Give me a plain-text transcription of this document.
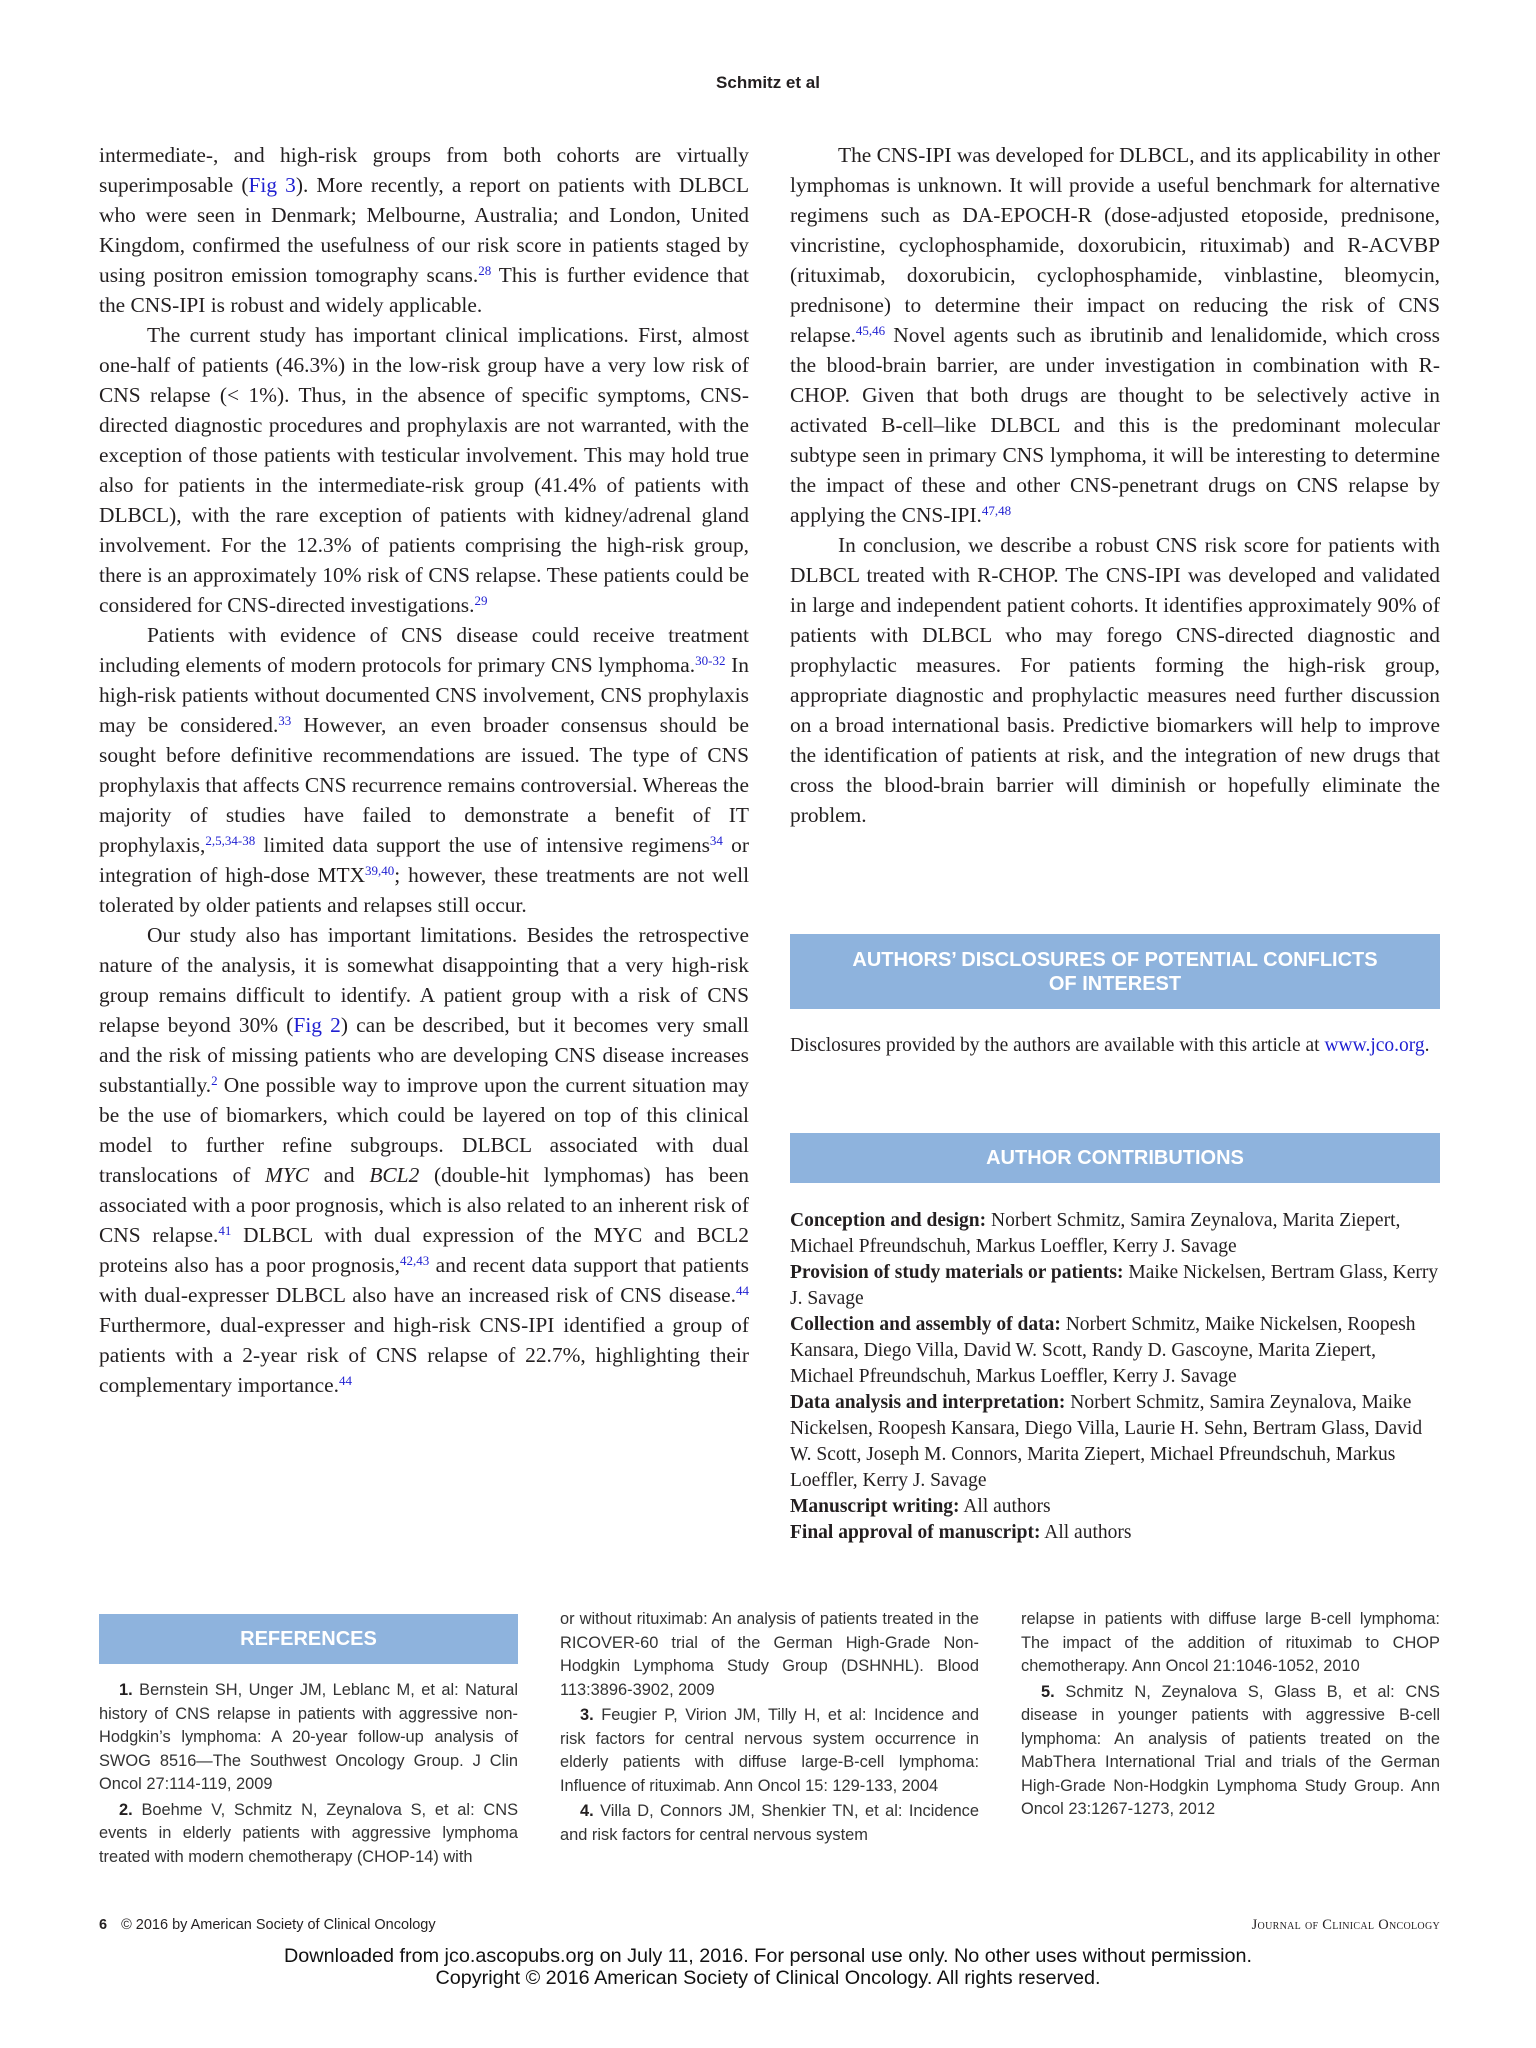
Schmitz et al

intermediate-, and high-risk groups from both cohorts are virtually superimposable (Fig 3). More recently, a report on patients with DLBCL who were seen in Denmark; Melbourne, Australia; and London, United Kingdom, confirmed the usefulness of our risk score in patients staged by using positron emission tomography scans.$^{28}$ This is further evidence that the CNS-IPI is robust and widely applicable.

The current study has important clinical implications. First, almost one-half of patients (46.3%) in the low-risk group have a very low risk of CNS relapse (< 1%). Thus, in the absence of specific symptoms, CNS-directed diagnostic procedures and prophylaxis are not warranted, with the exception of those patients with testicular involvement. This may hold true also for patients in the intermediate-risk group (41.4% of patients with DLBCL), with the rare exception of patients with kidney/adrenal gland involvement. For the 12.3% of patients comprising the high-risk group, there is an approximately 10% risk of CNS relapse. These patients could be considered for CNS-directed investigations.$^{29}$

Patients with evidence of CNS disease could receive treatment including elements of modern protocols for primary CNS lymphoma.$^{30-32}$ In high-risk patients without documented CNS involvement, CNS prophylaxis may be considered.$^{33}$ However, an even broader consensus should be sought before definitive recommendations are issued. The type of CNS prophylaxis that affects CNS recurrence remains controversial. Whereas the majority of studies have failed to demonstrate a benefit of IT prophylaxis,$^{2,5,34-38}$ limited data support the use of intensive regimens$^{34}$ or integration of high-dose MTX$^{39,40}$; however, these treatments are not well tolerated by older patients and relapses still occur.

Our study also has important limitations. Besides the retrospective nature of the analysis, it is somewhat disappointing that a very high-risk group remains difficult to identify. A patient group with a risk of CNS relapse beyond 30% (Fig 2) can be described, but it becomes very small and the risk of missing patients who are developing CNS disease increases substantially.$^2$ One possible way to improve upon the current situation may be the use of biomarkers, which could be layered on top of this clinical model to further refine subgroups. DLBCL associated with dual translocations of MYC and BCL2 (double-hit lymphomas) has been associated with a poor prognosis, which is also related to an inherent risk of CNS relapse.$^{41}$ DLBCL with dual expression of the MYC and BCL2 proteins also has a poor prognosis,$^{42,43}$ and recent data support that patients with dual-expresser DLBCL also have an increased risk of CNS disease.$^{44}$ Furthermore, dual-expresser and high-risk CNS-IPI identified a group of patients with a 2-year risk of CNS relapse of 22.7%, highlighting their complementary importance.$^{44}$

The CNS-IPI was developed for DLBCL, and its applicability in other lymphomas is unknown. It will provide a useful benchmark for alternative regimens such as DA-EPOCH-R (dose-adjusted etoposide, prednisone, vincristine, cyclophosphamide, doxorubicin, rituximab) and R-ACVBP (rituximab, doxorubicin, cyclophosphamide, vinblastine, bleomycin, prednisone) to determine their impact on reducing the risk of CNS relapse.$^{45,46}$ Novel agents such as ibrutinib and lenalidomide, which cross the blood-brain barrier, are under investigation in combination with R-CHOP. Given that both drugs are thought to be selectively active in activated B-cell–like DLBCL and this is the predominant molecular subtype seen in primary CNS lymphoma, it will be interesting to determine the impact of these and other CNS-penetrant drugs on CNS relapse by applying the CNS-IPI.$^{47,48}$

In conclusion, we describe a robust CNS risk score for patients with DLBCL treated with R-CHOP. The CNS-IPI was developed and validated in large and independent patient cohorts. It identifies approximately 90% of patients with DLBCL who may forego CNS-directed diagnostic and prophylactic measures. For patients forming the high-risk group, appropriate diagnostic and prophylactic measures need further discussion on a broad international basis. Predictive biomarkers will help to improve the identification of patients at risk, and the integration of new drugs that cross the blood-brain barrier will diminish or hopefully eliminate the problem.

AUTHORS’ DISCLOSURES OF POTENTIAL CONFLICTS
OF INTEREST
Disclosures provided by the authors are available with this article at www.jco.org.
AUTHOR CONTRIBUTIONS
Conception and design: Norbert Schmitz, Samira Zeynalova, Marita Ziepert, Michael Pfreundschuh, Markus Loeffler, Kerry J. Savage
Provision of study materials or patients: Maike Nickelsen, Bertram Glass, Kerry J. Savage
Collection and assembly of data: Norbert Schmitz, Maike Nickelsen, Roopesh Kansara, Diego Villa, David W. Scott, Randy D. Gascoyne, Marita Ziepert, Michael Pfreundschuh, Markus Loeffler, Kerry J. Savage
Data analysis and interpretation: Norbert Schmitz, Samira Zeynalova, Maike Nickelsen, Roopesh Kansara, Diego Villa, Laurie H. Sehn, Bertram Glass, David W. Scott, Joseph M. Connors, Marita Ziepert, Michael Pfreundschuh, Markus Loeffler, Kerry J. Savage
Manuscript writing: All authors
Final approval of manuscript: All authors
REFERENCES

1. Bernstein SH, Unger JM, Leblanc M, et al: Natural history of CNS relapse in patients with aggressive non-Hodgkin’s lymphoma: A 20-year follow-up analysis of SWOG 8516—The Southwest Oncology Group. J Clin Oncol 27:114-119, 2009

2. Boehme V, Schmitz N, Zeynalova S, et al: CNS events in elderly patients with aggressive lymphoma treated with modern chemotherapy (CHOP-14) with

or without rituximab: An analysis of patients treated in the RICOVER-60 trial of the German High-Grade Non-Hodgkin Lymphoma Study Group (DSHNHL). Blood 113:3896-3902, 2009

3. Feugier P, Virion JM, Tilly H, et al: Incidence and risk factors for central nervous system occurrence in elderly patients with diffuse large-B-cell lymphoma: Influence of rituximab. Ann Oncol 15: 129-133, 2004

4. Villa D, Connors JM, Shenkier TN, et al: Incidence and risk factors for central nervous system

relapse in patients with diffuse large B-cell lymphoma: The impact of the addition of rituximab to CHOP chemotherapy. Ann Oncol 21:1046-1052, 2010

5. Schmitz N, Zeynalova S, Glass B, et al: CNS disease in younger patients with aggressive B-cell lymphoma: An analysis of patients treated on the MabThera International Trial and trials of the German High-Grade Non-Hodgkin Lymphoma Study Group. Ann Oncol 23:1267-1273, 2012

6 © 2016 by American Society of Clinical Oncology	Journal of Clinical Oncology
Downloaded from jco.ascopubs.org on July 11, 2016. For personal use only. No other uses without permission.
Copyright © 2016 American Society of Clinical Oncology. All rights reserved.
